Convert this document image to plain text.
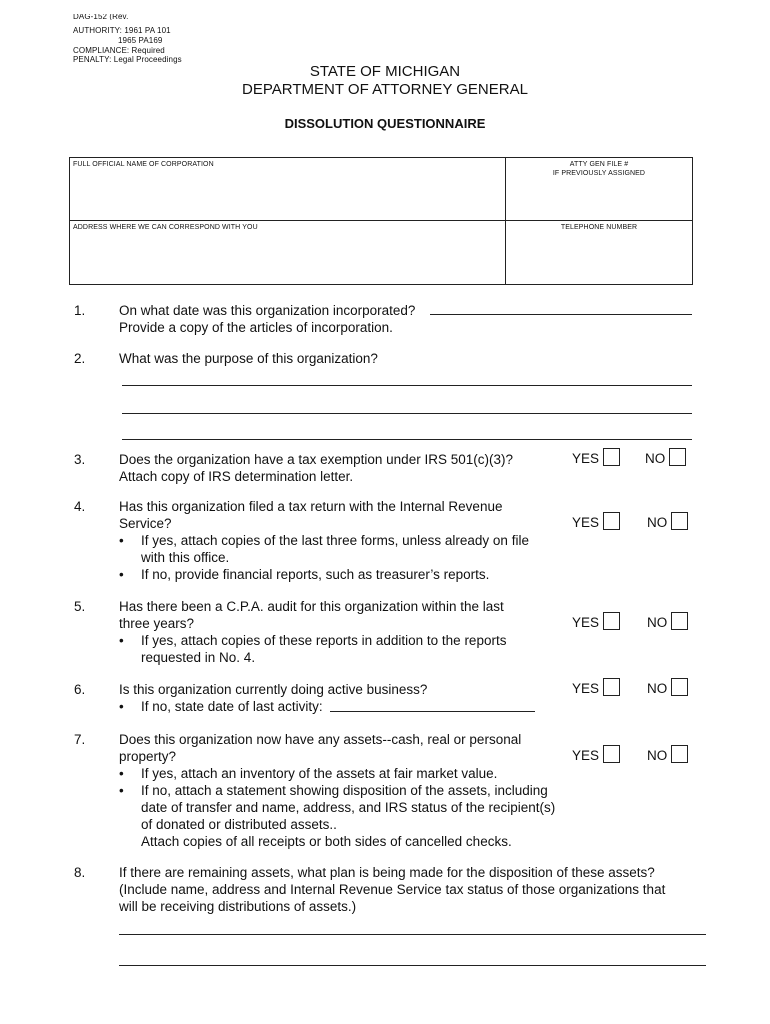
DAG-152 (Rev.
AUTHORITY: 1961 PA 101
1965 PA169
COMPLIANCE: Required
PENALTY: Legal Proceedings
STATE OF MICHIGAN
DEPARTMENT OF ATTORNEY GENERAL
DISSOLUTION QUESTIONNAIRE
FULL OFFICIAL NAME OF CORPORATION	ATTY GEN FILE #
IF PREVIOUSLY ASSIGNED
ADDRESS WHERE WE CAN CORRESPOND WITH YOU	TELEPHONE NUMBER
1. On what date was this organization incorporated?
Provide a copy of the articles of incorporation.
2. What was the purpose of this organization?
3. Does the organization have a tax exemption under IRS 501(c)(3)?
Attach copy of IRS determination letter.
YES	NO
4. Has this organization filed a tax return with the Internal Revenue
Service?
• If yes, attach copies of the last three forms, unless already on file
with this office.
• If no, provide financial reports, such as treasurer’s reports.
YES	NO
5. Has there been a C.P.A. audit for this organization within the last
three years?
• If yes, attach copies of these reports in addition to the reports
requested in No. 4.
YES	NO
6. Is this organization currently doing active business?
• If no, state date of last activity:
YES	NO
7. Does this organization now have any assets--cash, real or personal
property?
• If yes, attach an inventory of the assets at fair market value.
• If no, attach a statement showing disposition of the assets, including
date of transfer and name, address, and IRS status of the recipient(s)
of donated or distributed assets..
Attach copies of all receipts or both sides of cancelled checks.
YES	NO
8. If there are remaining assets, what plan is being made for the disposition of these assets?
(Include name, address and Internal Revenue Service tax status of those organizations that
will be receiving distributions of assets.)
